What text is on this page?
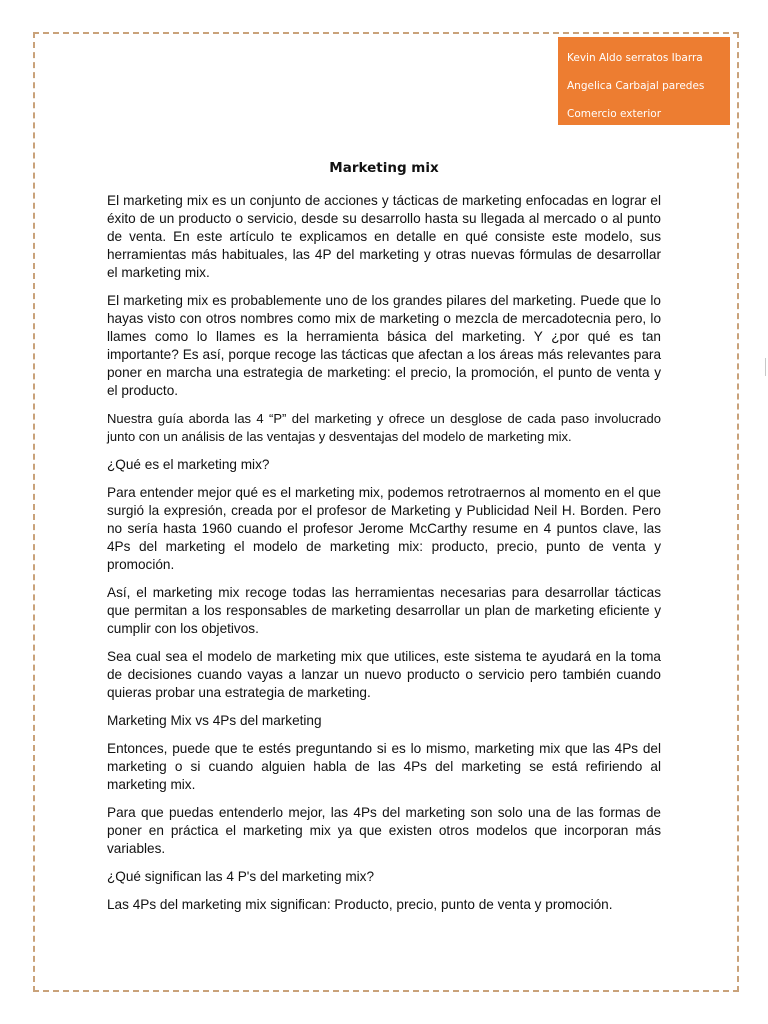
Kevin Aldo serratos Ibarra
Angelica Carbajal paredes
Comercio exterior
Marketing mix

El marketing mix es un conjunto de acciones y tácticas de marketing enfocadas en lograr el éxito de un producto o servicio, desde su desarrollo hasta su llegada al mercado o al punto de venta. En este artículo te explicamos en detalle en qué consiste este modelo, sus herramientas más habituales, las 4P del marketing y otras nuevas fórmulas de desarrollar el marketing mix.

El marketing mix es probablemente uno de los grandes pilares del marketing. Puede que lo hayas visto con otros nombres como mix de marketing o mezcla de mercadotecnia pero, lo llames como lo llames es la herramienta básica del marketing. Y ¿por qué es tan importante? Es así, porque recoge las tácticas que afectan a los áreas más relevantes para poner en marcha una estrategia de marketing: el precio, la promoción, el punto de venta y el producto.

Nuestra guía aborda las 4 “P” del marketing y ofrece un desglose de cada paso involucrado junto con un análisis de las ventajas y desventajas del modelo de marketing mix.

¿Qué es el marketing mix?

Para entender mejor qué es el marketing mix, podemos retrotraernos al momento en el que surgió la expresión, creada por el profesor de Marketing y Publicidad Neil H. Borden. Pero no sería hasta 1960 cuando el profesor Jerome McCarthy resume en 4 puntos clave, las 4Ps del marketing el modelo de marketing mix: producto, precio, punto de venta y promoción.

Así, el marketing mix recoge todas las herramientas necesarias para desarrollar tácticas que permitan a los responsables de marketing desarrollar un plan de marketing eficiente y cumplir con los objetivos.

Sea cual sea el modelo de marketing mix que utilices, este sistema te ayudará en la toma de decisiones cuando vayas a lanzar un nuevo producto o servicio pero también cuando quieras probar una estrategia de marketing.

Marketing Mix vs 4Ps del marketing

Entonces, puede que te estés preguntando si es lo mismo, marketing mix que las 4Ps del marketing o si cuando alguien habla de las 4Ps del marketing se está refiriendo al marketing mix.

Para que puedas entenderlo mejor, las 4Ps del marketing son solo una de las formas de poner en práctica el marketing mix ya que existen otros modelos que incorporan más variables.

¿Qué significan las 4 P's del marketing mix?

Las 4Ps del marketing mix significan: Producto, precio, punto de venta y promoción.
